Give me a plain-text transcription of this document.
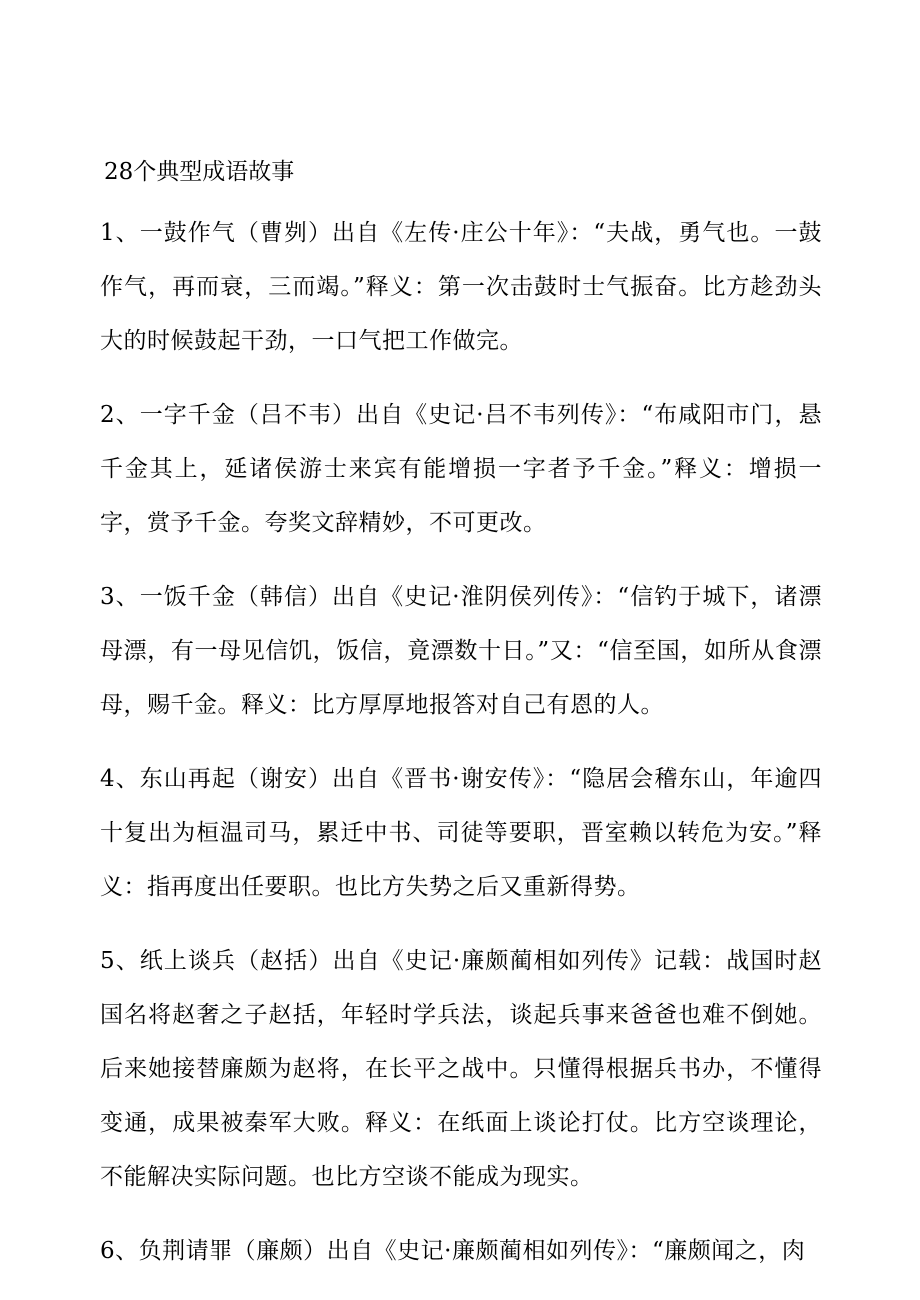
28个典型成语故事

1、一鼓作气（曹刿）出自《左传·庄公十年》：“夫战，勇气也。一鼓作气，再而衰，三而竭。”释义：第一次击鼓时士气振奋。比方趁劲头大的时候鼓起干劲，一口气把工作做完。

2、一字千金（吕不韦）出自《史记·吕不韦列传》：“布咸阳市门，悬千金其上，延诸侯游士来宾有能增损一字者予千金。”释义：增损一字，赏予千金。夸奖文辞精妙，不可更改。

3、一饭千金（韩信）出自《史记·淮阴侯列传》：“信钓于城下，诸漂母漂，有一母见信饥，饭信，竟漂数十日。”又：“信至国，如所从食漂母，赐千金。释义：比方厚厚地报答对自己有恩的人。

4、东山再起（谢安）出自《晋书·谢安传》：“隐居会稽东山，年逾四十复出为桓温司马，累迁中书、司徒等要职，晋室赖以转危为安。”释义：指再度出任要职。也比方失势之后又重新得势。

5、纸上谈兵（赵括）出自《史记·廉颇蔺相如列传》记载：战国时赵国名将赵奢之子赵括，年轻时学兵法，谈起兵事来爸爸也难不倒她。后来她接替廉颇为赵将，在长平之战中。只懂得根据兵书办，不懂得变通，成果被秦军大败。释义：在纸面上谈论打仗。比方空谈理论，不能解决实际问题。也比方空谈不能成为现实。

6、负荆请罪（廉颇）出自《史记·廉颇蔺相如列传》：“廉颇闻之，肉
